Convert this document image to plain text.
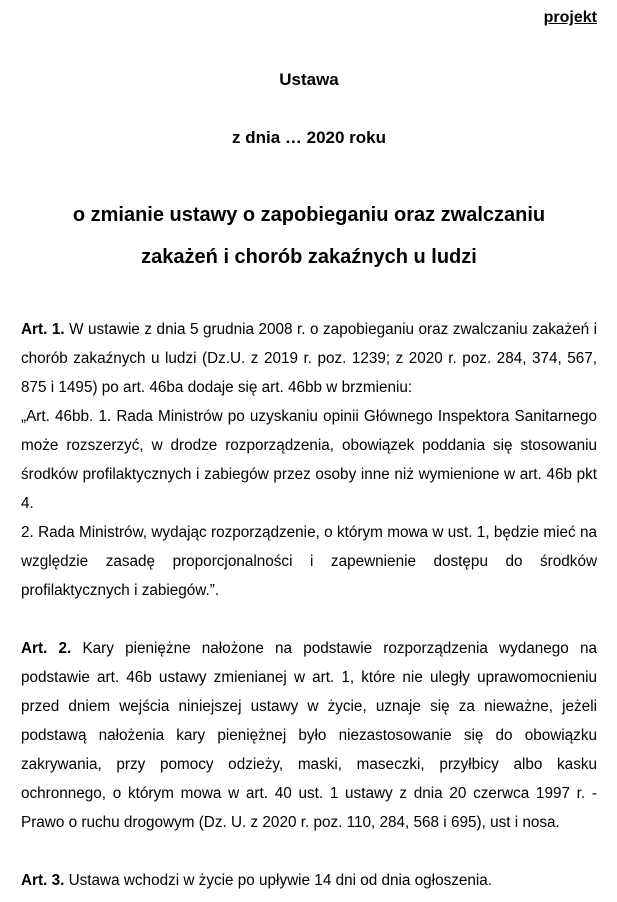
projekt
Ustawa
z dnia … 2020 roku
o zmianie ustawy o zapobieganiu oraz zwalczaniu
zakażeń i chorób zakaźnych u ludzi

Art. 1. W ustawie z dnia 5 grudnia 2008 r. o zapobieganiu oraz zwalczaniu zakażeń i chorób zakaźnych u ludzi (Dz.U. z 2019 r. poz. 1239; z 2020 r. poz. 284, 374, 567, 875 i 1495) po art. 46ba dodaje się art. 46bb w brzmieniu:

„Art. 46bb. 1. Rada Ministrów po uzyskaniu opinii Głównego Inspektora Sanitarnego może rozszerzyć, w drodze rozporządzenia, obowiązek poddania się stosowaniu środków profilaktycznych i zabiegów przez osoby inne niż wymienione w art. 46b pkt 4.

2. Rada Ministrów, wydając rozporządzenie, o którym mowa w ust. 1, będzie mieć na względzie zasadę proporcjonalności i zapewnienie dostępu do środków profilaktycznych i zabiegów.”.

Art. 2. Kary pieniężne nałożone na podstawie rozporządzenia wydanego na podstawie art. 46b ustawy zmienianej w art. 1, które nie uległy uprawomocnieniu przed dniem wejścia niniejszej ustawy w życie, uznaje się za nieważne, jeżeli podstawą nałożenia kary pieniężnej było niezastosowanie się do obowiązku zakrywania, przy pomocy odzieży, maski, maseczki, przyłbicy albo kasku ochronnego, o którym mowa w art. 40 ust. 1 ustawy z dnia 20 czerwca 1997 r. - Prawo o ruchu drogowym (Dz. U. z 2020 r. poz. 110, 284, 568 i 695), ust i nosa.

Art. 3. Ustawa wchodzi w życie po upływie 14 dni od dnia ogłoszenia.
